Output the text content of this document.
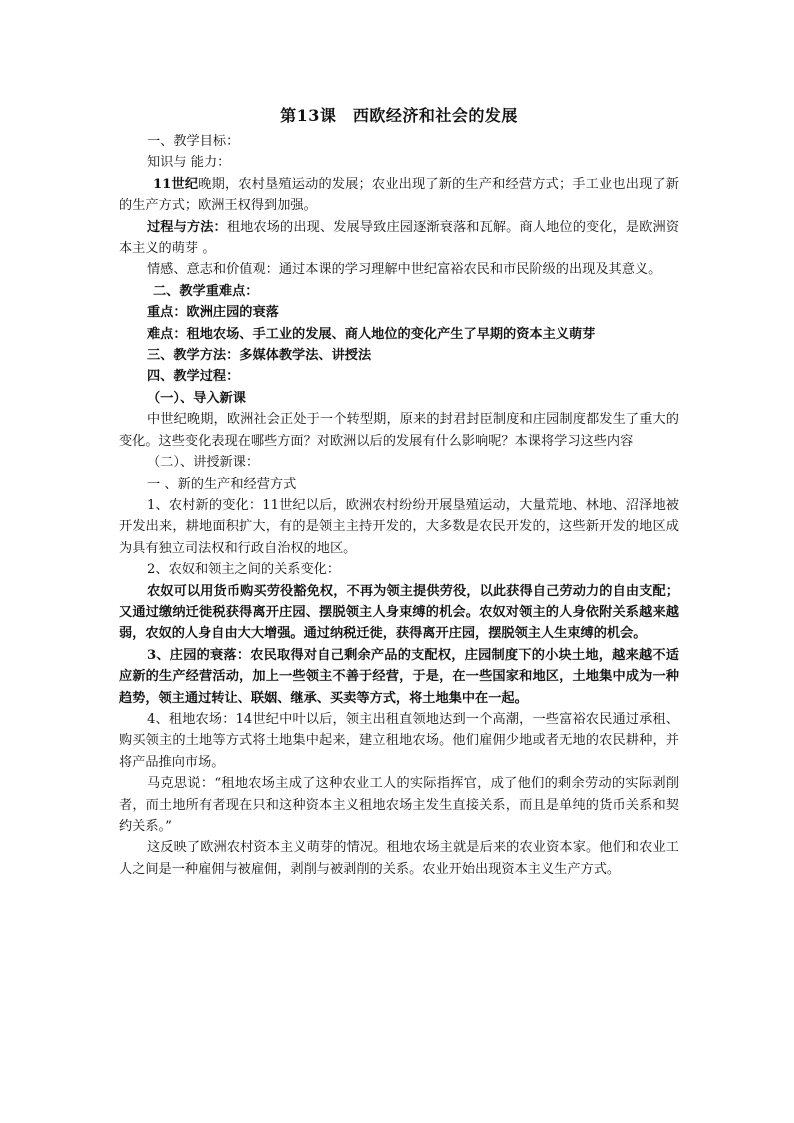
第13课　西欧经济和社会的发展

一、教学目标：

知识与 能力：

11世纪晚期，农村垦殖运动的发展；农业出现了新的生产和经营方式；手工业也出现了新的生产方式；欧洲王权得到加强。

过程与方法：租地农场的出现、发展导致庄园逐渐衰落和瓦解。商人地位的变化，是欧洲资本主义的萌芽 。

情感、意志和价值观：通过本课的学习理解中世纪富裕农民和市民阶级的出现及其意义。

二、教学重难点：

重点：欧洲庄园的衰落

难点：租地农场、手工业的发展、商人地位的变化产生了早期的资本主义萌芽

三、教学方法：多媒体教学法、讲授法

四、教学过程：

（一）、导入新课

中世纪晚期，欧洲社会正处于一个转型期，原来的封君封臣制度和庄园制度都发生了重大的变化。这些变化表现在哪些方面？对欧洲以后的发展有什么影响呢？本课将学习这些内容

（二）、讲授新课：

一 、新的生产和经营方式

1、农村新的变化：11世纪以后，欧洲农村纷纷开展垦殖运动，大量荒地、林地、沼泽地被开发出来，耕地面积扩大，有的是领主主持开发的，大多数是农民开发的，这些新开发的地区成为具有独立司法权和行政自治权的地区。

2、农奴和领主之间的关系变化：

农奴可以用货币购买劳役豁免权，不再为领主提供劳役，以此获得自己劳动力的自由支配；又通过缴纳迁徙税获得离开庄园、摆脱领主人身束缚的机会。农奴对领主的人身依附关系越来越弱，农奴的人身自由大大增强。通过纳税迁徙，获得离开庄园，摆脱领主人生束缚的机会。

3、庄园的衰落：农民取得对自己剩余产品的支配权，庄园制度下的小块土地，越来越不适应新的生产经营活动，加上一些领主不善于经营，于是，在一些国家和地区，土地集中成为一种趋势，领主通过转让、联姻、继承、买卖等方式，将土地集中在一起。

4、租地农场：14世纪中叶以后，领主出租直领地达到一个高潮，一些富裕农民通过承租、购买领主的土地等方式将土地集中起来，建立租地农场。他们雇佣少地或者无地的农民耕种，并将产品推向市场。

马克思说：“租地农场主成了这种农业工人的实际指挥官，成了他们的剩余劳动的实际剥削者，而土地所有者现在只和这种资本主义租地农场主发生直接关系，而且是单纯的货币关系和契约关系。”

这反映了欧洲农村资本主义萌芽的情况。租地农场主就是后来的农业资本家。他们和农业工人之间是一种雇佣与被雇佣，剥削与被剥削的关系。农业开始出现资本主义生产方式。
